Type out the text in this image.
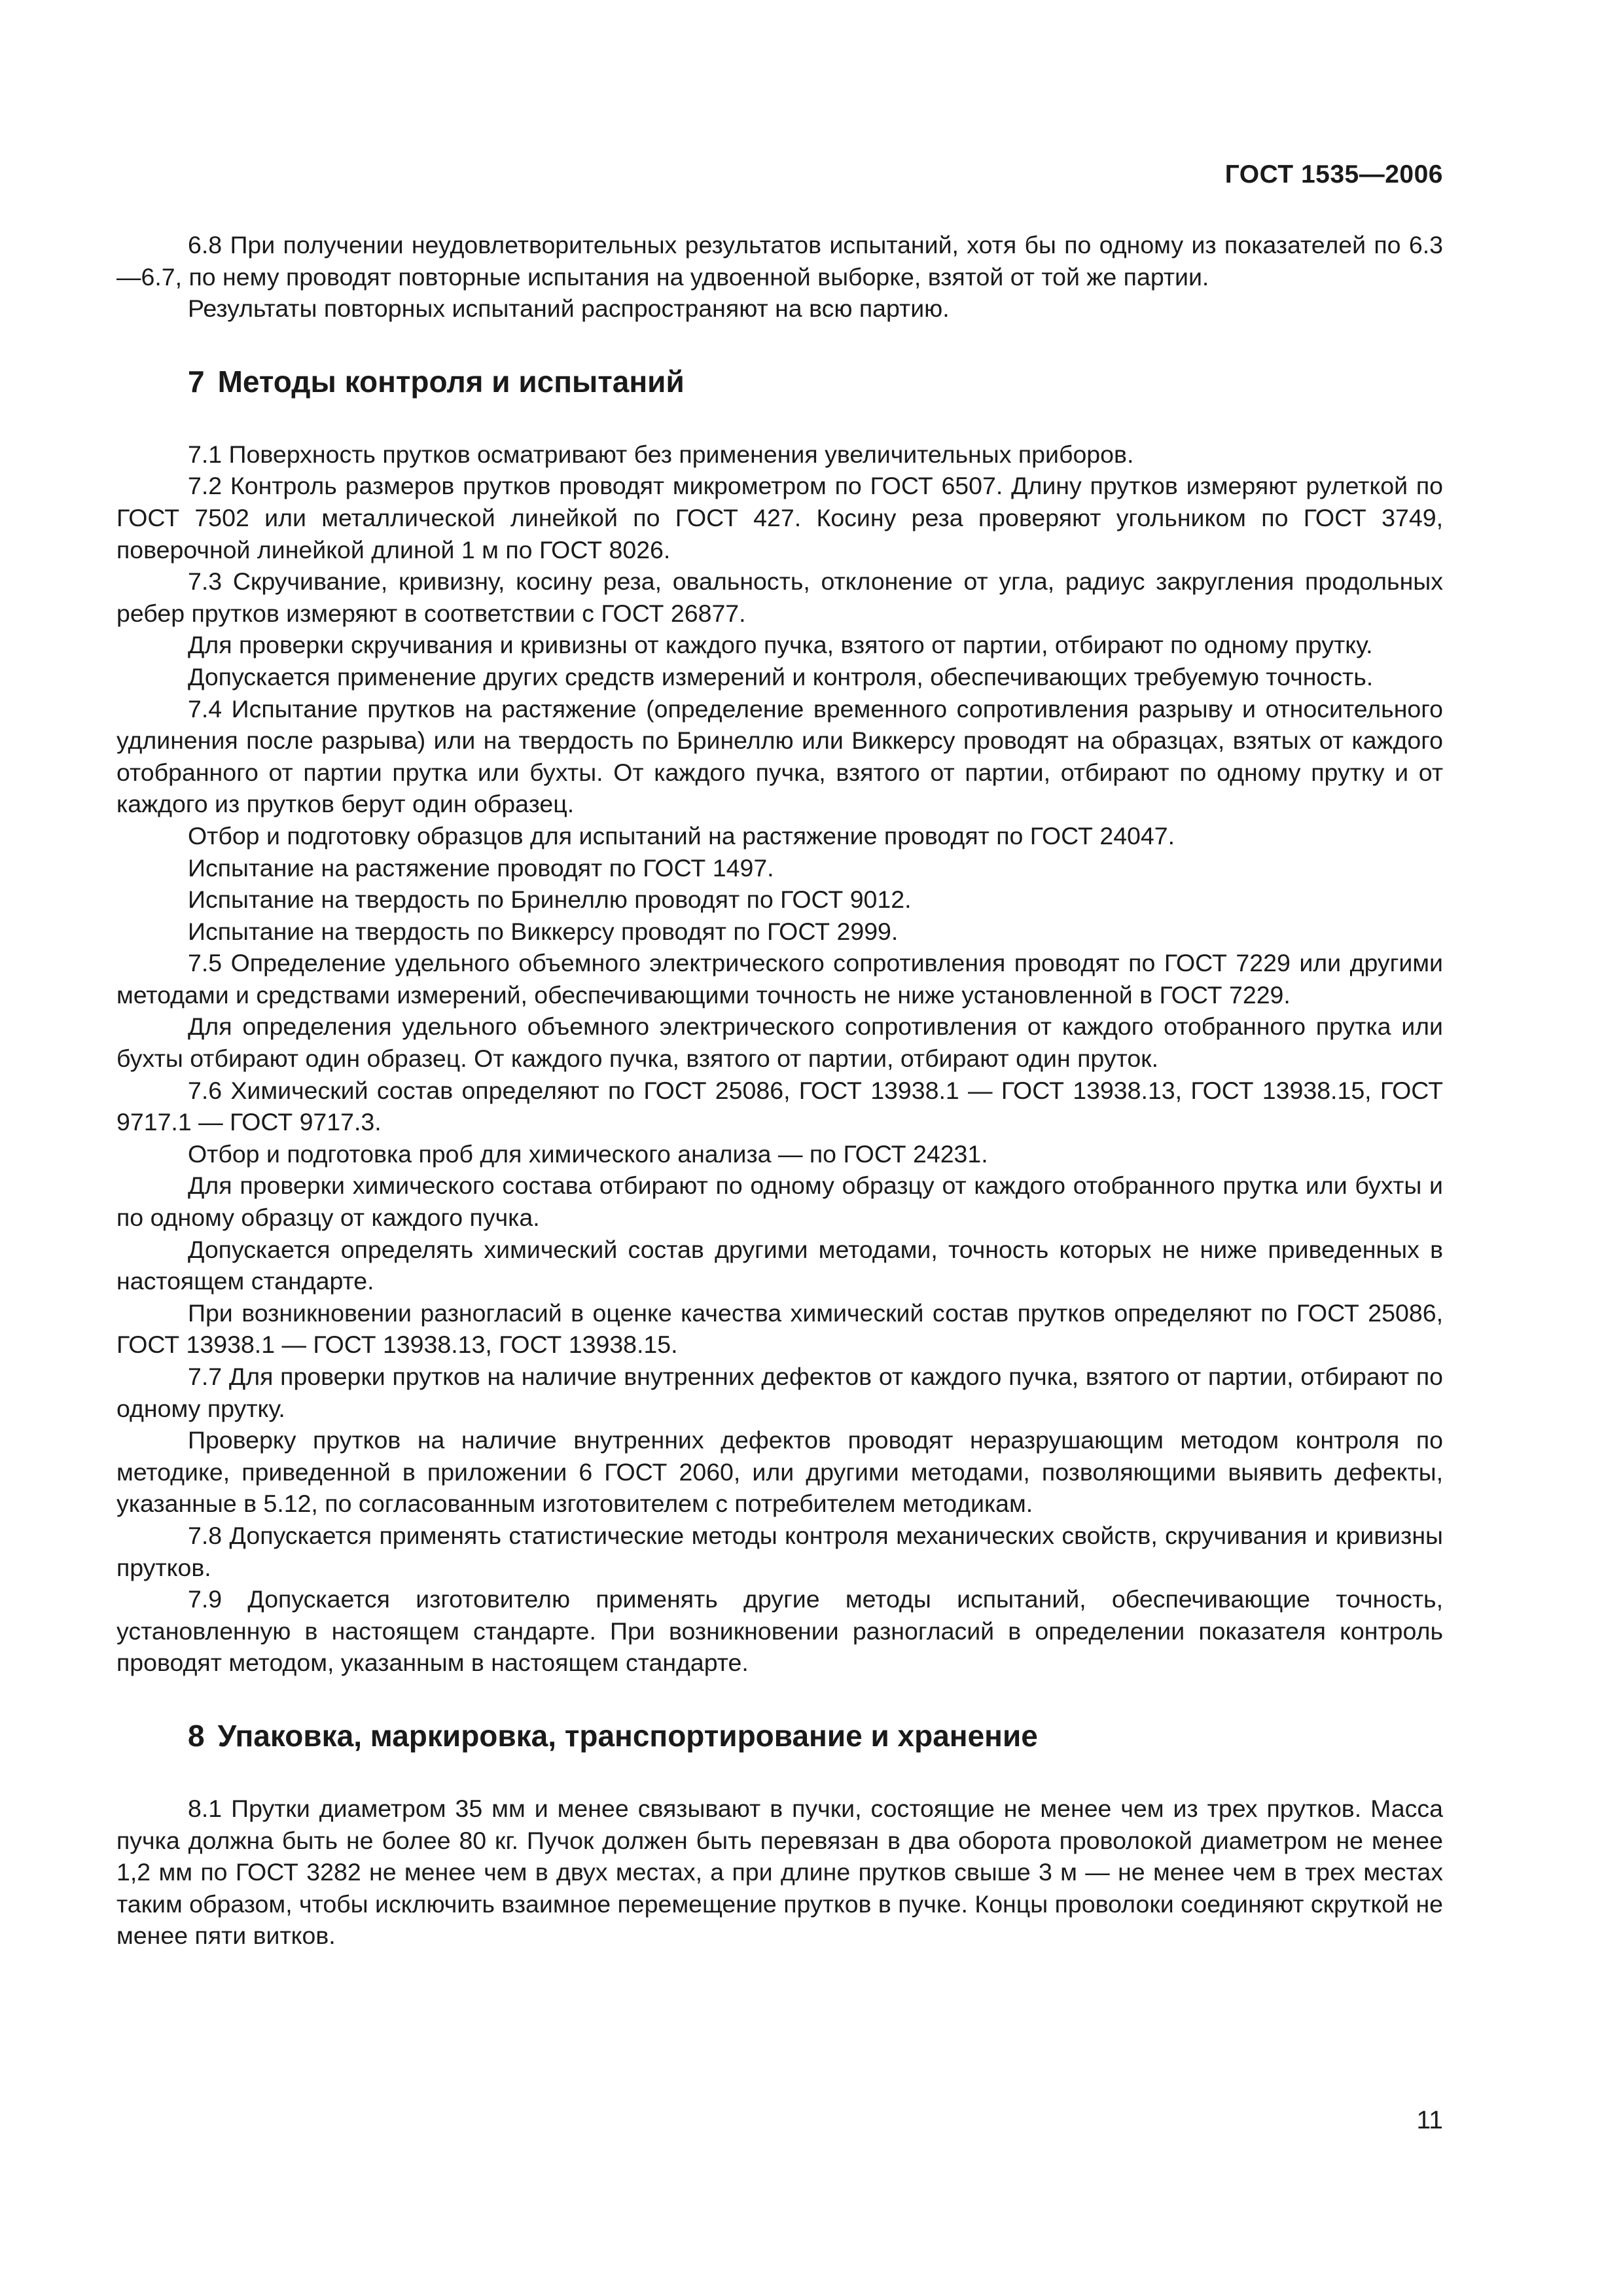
ГОСТ 1535—2006

6.8 При получении неудовлетворительных результатов испытаний, хотя бы по одному из показателей по 6.3—6.7, по нему проводят повторные испытания на удвоенной выборке, взятой от той же партии.

Результаты повторных испытаний распространяют на всю партию.

7 Методы контроля и испытаний

7.1 Поверхность прутков осматривают без применения увеличительных приборов.

7.2 Контроль размеров прутков проводят микрометром по ГОСТ 6507. Длину прутков измеряют рулеткой по ГОСТ 7502 или металлической линейкой по ГОСТ 427. Косину реза проверяют угольником по ГОСТ 3749, поверочной линейкой длиной 1 м по ГОСТ 8026.

7.3 Скручивание, кривизну, косину реза, овальность, отклонение от угла, радиус закругления продольных ребер прутков измеряют в соответствии с ГОСТ 26877.

Для проверки скручивания и кривизны от каждого пучка, взятого от партии, отбирают по одному прутку.

Допускается применение других средств измерений и контроля, обеспечивающих требуемую точность.

7.4 Испытание прутков на растяжение (определение временного сопротивления разрыву и относительного удлинения после разрыва) или на твердость по Бринеллю или Виккерсу проводят на образцах, взятых от каждого отобранного от партии прутка или бухты. От каждого пучка, взятого от партии, отбирают по одному прутку и от каждого из прутков берут один образец.

Отбор и подготовку образцов для испытаний на растяжение проводят по ГОСТ 24047.

Испытание на растяжение проводят по ГОСТ 1497.

Испытание на твердость по Бринеллю проводят по ГОСТ 9012.

Испытание на твердость по Виккерсу проводят по ГОСТ 2999.

7.5 Определение удельного объемного электрического сопротивления проводят по ГОСТ 7229 или другими методами и средствами измерений, обеспечивающими точность не ниже установленной в ГОСТ 7229.

Для определения удельного объемного электрического сопротивления от каждого отобранного прутка или бухты отбирают один образец. От каждого пучка, взятого от партии, отбирают один пруток.

7.6 Химический состав определяют по ГОСТ 25086, ГОСТ 13938.1 — ГОСТ 13938.13, ГОСТ 13938.15, ГОСТ 9717.1 — ГОСТ 9717.3.

Отбор и подготовка проб для химического анализа — по ГОСТ 24231.

Для проверки химического состава отбирают по одному образцу от каждого отобранного прутка или бухты и по одному образцу от каждого пучка.

Допускается определять химический состав другими методами, точность которых не ниже приведенных в настоящем стандарте.

При возникновении разногласий в оценке качества химический состав прутков определяют по ГОСТ 25086, ГОСТ 13938.1 — ГОСТ 13938.13, ГОСТ 13938.15.

7.7 Для проверки прутков на наличие внутренних дефектов от каждого пучка, взятого от партии, отбирают по одному прутку.

Проверку прутков на наличие внутренних дефектов проводят неразрушающим методом контроля по методике, приведенной в приложении 6 ГОСТ 2060, или другими методами, позволяющими выявить дефекты, указанные в 5.12, по согласованным изготовителем с потребителем методикам.

7.8 Допускается применять статистические методы контроля механических свойств, скручивания и кривизны прутков.

7.9 Допускается изготовителю применять другие методы испытаний, обеспечивающие точность, установленную в настоящем стандарте. При возникновении разногласий в определении показателя контроль проводят методом, указанным в настоящем стандарте.

8 Упаковка, маркировка, транспортирование и хранение

8.1 Прутки диаметром 35 мм и менее связывают в пучки, состоящие не менее чем из трех прутков. Масса пучка должна быть не более 80 кг. Пучок должен быть перевязан в два оборота проволокой диаметром не менее 1,2 мм по ГОСТ 3282 не менее чем в двух местах, а при длине прутков свыше 3 м — не менее чем в трех местах таким образом, чтобы исключить взаимное перемещение прутков в пучке. Концы проволоки соединяют скруткой не менее пяти витков.

11
